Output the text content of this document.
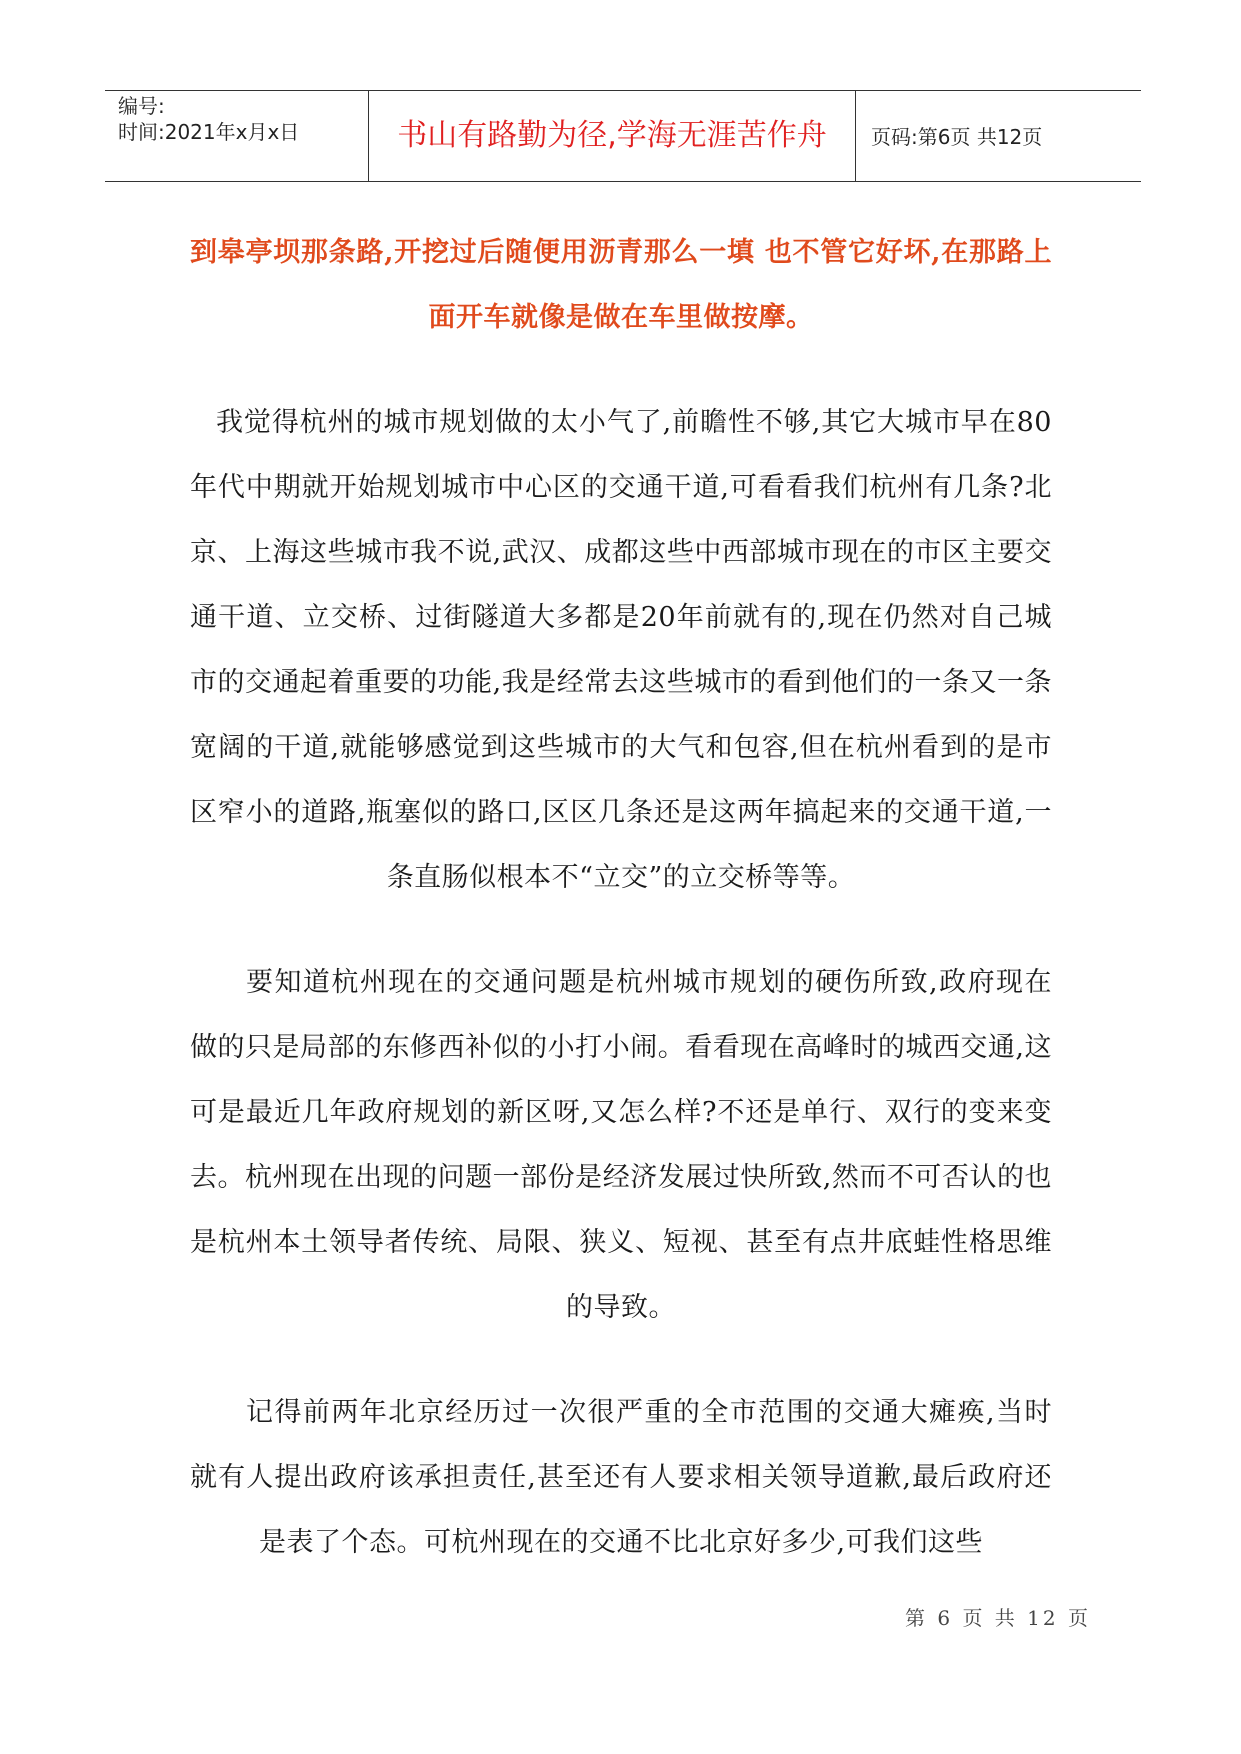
编号:
时间:2021年x月x日	书山有路勤为径,学海无涯苦作舟	页码:第6页 共12页

到皋亭坝那条路,开挖过后随便用沥青那么一填 也不管它好坏,在那路上面开车就像是做在车里做按摩。

我觉得杭州的城市规划做的太小气了,前瞻性不够,其它大城市早在80年代中期就开始规划城市中心区的交通干道,可看看我们杭州有几条?北京、上海这些城市我不说,武汉、成都这些中西部城市现在的市区主要交通干道、立交桥、过街隧道大多都是20年前就有的,现在仍然对自己城市的交通起着重要的功能,我是经常去这些城市的看到他们的一条又一条宽阔的干道,就能够感觉到这些城市的大气和包容,但在杭州看到的是市区窄小的道路,瓶塞似的路口,区区几条还是这两年搞起来的交通干道,一条直肠似根本不“立交”的立交桥等等。

要知道杭州现在的交通问题是杭州城市规划的硬伤所致,政府现在做的只是局部的东修西补似的小打小闹。看看现在高峰时的城西交通,这可是最近几年政府规划的新区呀,又怎么样?不还是单行、双行的变来变去。杭州现在出现的问题一部份是经济发展过快所致,然而不可否认的也是杭州本土领导者传统、局限、狭义、短视、甚至有点井底蛙性格思维的导致。

记得前两年北京经历过一次很严重的全市范围的交通大瘫痪,当时就有人提出政府该承担责任,甚至还有人要求相关领导道歉,最后政府还是表了个态。可杭州现在的交通不比北京好多少,可我们这些

第 6 页 共 12 页
